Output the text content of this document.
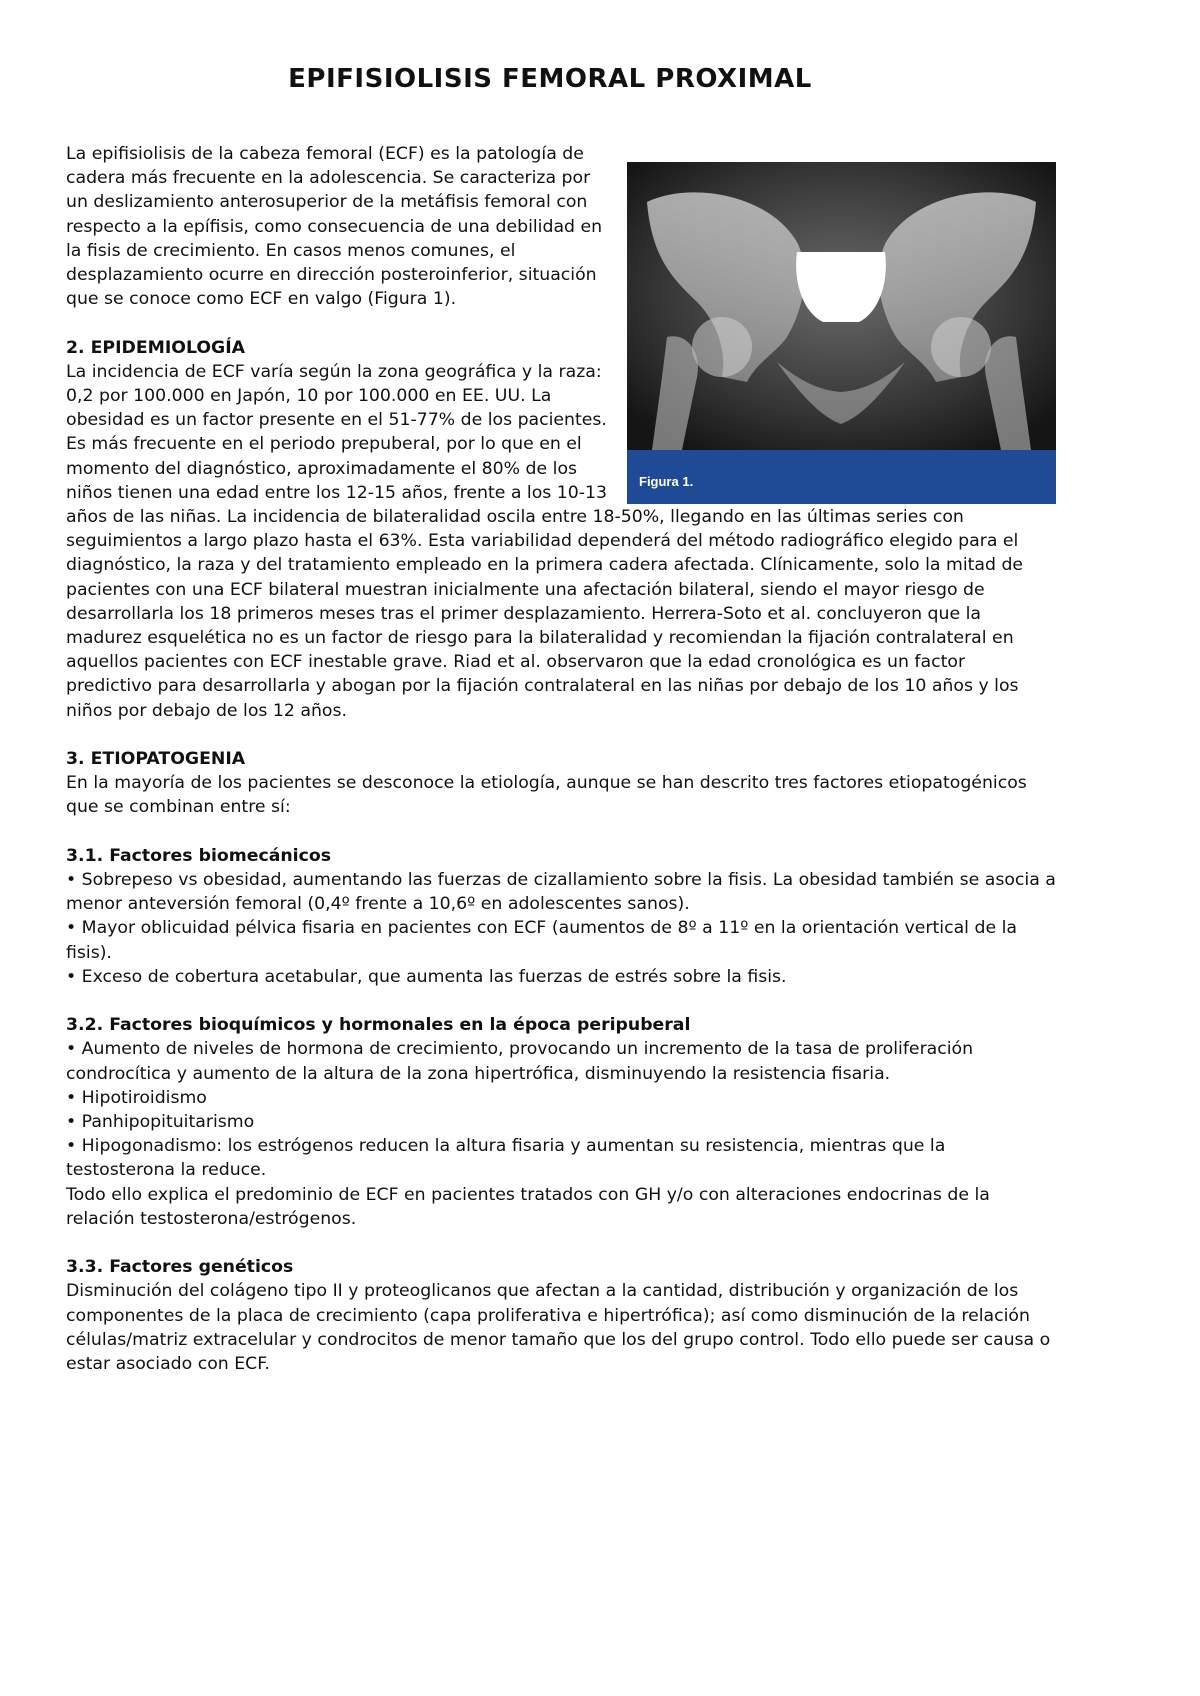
EPIFISIOLISIS FEMORAL PROXIMAL
Figura 1.

La epifisiolisis de la cabeza femoral (ECF) es la patología de cadera más frecuente en la adolescencia. Se caracteriza por un deslizamiento anterosuperior de la metáfisis femoral con respecto a la epífisis, como consecuencia de una debilidad en la fisis de crecimiento. En casos menos comunes, el desplazamiento ocurre en dirección posteroinferior, situación que se conoce como ECF en valgo (Figura 1).

2. EPIDEMIOLOGÍA

La incidencia de ECF varía según la zona geográfica y la raza: 0,2 por 100.000 en Japón, 10 por 100.000 en EE. UU. La obesidad es un factor presente en el 51-77% de los pacientes. Es más frecuente en el periodo prepuberal, por lo que en el momento del diagnóstico, aproximadamente el 80% de los niños tienen una edad entre los 12-15 años, frente a los 10-13 años de las niñas. La incidencia de bilateralidad oscila entre 18-50%, llegando en las últimas series con seguimientos a largo plazo hasta el 63%. Esta variabilidad dependerá del método radiográfico elegido para el diagnóstico, la raza y del tratamiento empleado en la primera cadera afectada. Clínicamente, solo la mitad de pacientes con una ECF bilateral muestran inicialmente una afectación bilateral, siendo el mayor riesgo de desarrollarla los 18 primeros meses tras el primer desplazamiento. Herrera-Soto et al. concluyeron que la madurez esquelética no es un factor de riesgo para la bilateralidad y recomiendan la fijación contralateral en aquellos pacientes con ECF inestable grave. Riad et al. observaron que la edad cronológica es un factor predictivo para desarrollarla y abogan por la fijación contralateral en las niñas por debajo de los 10 años y los niños por debajo de los 12 años.

3. ETIOPATOGENIA

En la mayoría de los pacientes se desconoce la etiología, aunque se han descrito tres factores etiopatogénicos que se combinan entre sí:

3.1. Factores biomecánicos

• Sobrepeso vs obesidad, aumentando las fuerzas de cizallamiento sobre la fisis. La obesidad también se asocia a menor anteversión femoral (0,4º frente a 10,6º en adolescentes sanos).

• Mayor oblicuidad pélvica fisaria en pacientes con ECF (aumentos de 8º a 11º en la orientación vertical de la fisis).

• Exceso de cobertura acetabular, que aumenta las fuerzas de estrés sobre la fisis.

3.2. Factores bioquímicos y hormonales en la época peripuberal

• Aumento de niveles de hormona de crecimiento, provocando un incremento de la tasa de proliferación condrocítica y aumento de la altura de la zona hipertrófica, disminuyendo la resistencia fisaria.

• Hipotiroidismo

• Panhipopituitarismo

• Hipogonadismo: los estrógenos reducen la altura fisaria y aumentan su resistencia, mientras que la testosterona la reduce.

Todo ello explica el predominio de ECF en pacientes tratados con GH y/o con alteraciones endocrinas de la relación testosterona/estrógenos.

3.3. Factores genéticos

Disminución del colágeno tipo II y proteoglicanos que afectan a la cantidad, distribución y organización de los componentes de la placa de crecimiento (capa proliferativa e hipertrófica); así como disminución de la relación células/matriz extracelular y condrocitos de menor tamaño que los del grupo control. Todo ello puede ser causa o estar asociado con ECF.
